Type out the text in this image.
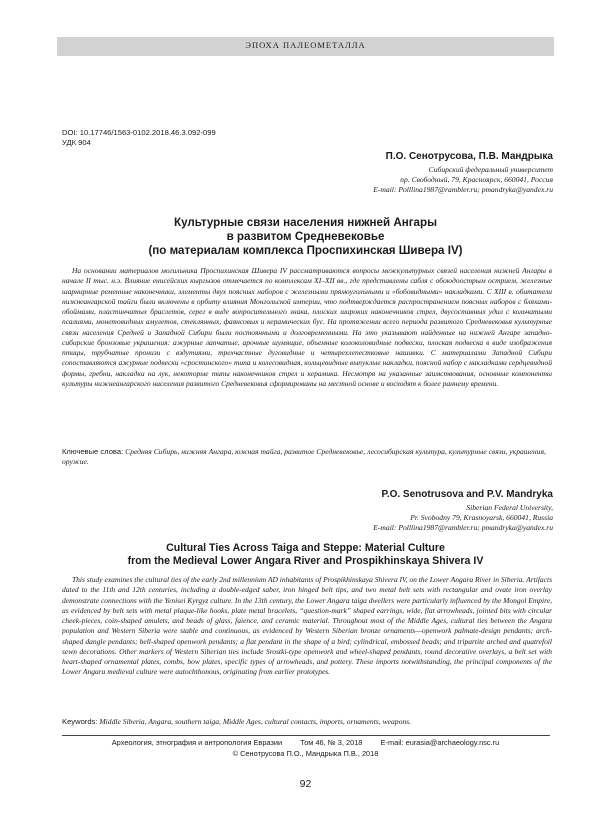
ЭПОХА ПАЛЕОМЕТАЛЛА
DOI: 10.17746/1563-0102.2018.46.3.092-099
УДК 904
П.О. Сенотрусова, П.В. Мандрыка
Сибирский федеральный университет
пр. Свободный, 79, Красноярск, 660041, Россия
E-mail: Polllina1987@rambler.ru; pmandryka@yandex.ru
Культурные связи населения нижней Ангары
в развитом Средневековье
(по материалам комплекса Проспихинская Шивера IV)

На основании материалов могильника Проспихинская Шивера IV рассматриваются вопросы межкультурных связей населения нижней Ангары в начале II тыс. н.э. Влияние енисейских кыргызов отмечается по комплексам XI–XII вв., где представлены сабля с обоюдоострым острием, железные шарнирные ременные наконечники, элементы двух поясных наборов с железными прямоугольными и «бобовидными» накладками. С XIII в. обитатели нижнеангарской тайги были включены в орбиту влияния Монгольской империи, что подтверждается распространением поясных наборов с бляхами-обоймами, пластинчатых браслетов, серег в виде вопросительного знака, плоских широких наконечников стрел, двусоставных удил с кольчатыми псалиями, монетовидных амулетов, стеклянных, фаянсовых и керамических бус. На протяжении всего периода развитого Средневековья культурные связи населения Средней и Западной Сибири были постоянными и долговременными. На это указывают найденные на нижней Ангаре западно-сибирские бронзовые украшения: ажурные лапчатые, арочные шумящие, объемные колоколовидные подвески, плоская подвеска в виде изображения птицы, трубчатые пронизи с вздутиями, трехчастные дуговидные и четырехлепестковые нашивки. С материалами Западной Сибири сопоставляются ажурные подвески «сростинского» типа и колесовидная, кольцевидные выпуклые накладки, поясной набор с накладками сердцевидной формы, гребни, накладки на лук, некоторые типы наконечников стрел и керамика. Несмотря на указанные заимствования, основные компоненты культуры нижнеангарского населения развитого Средневековья сформированы на местной основе и восходят к более раннему времени.

Ключевые слова: Средняя Сибирь, нижняя Ангара, южная тайга, развитое Средневековье, лесосибирская культура, культурные связи, украшения, оружие.

P.O. Senotrusova and P.V. Mandryka
Siberian Federal University,
Pr. Svobodny 79, Krasnoyarsk, 660041, Russia
E-mail: Polllina1987@rambler.ru; pmandryka@yandex.ru
Cultural Ties Across Taiga and Steppe: Material Culture
from the Medieval Lower Angara River and Prospikhinskaya Shivera IV

This study examines the cultural ties of the early 2nd millennium AD inhabitants of Prospikhinskaya Shivera IV, on the Lower Angara River in Siberia. Artifacts dated to the 11th and 12th centuries, including a double-edged saber, iron hinged belt tips, and two metal belt sets with rectangular and ovate iron overlay demonstrate connections with the Yenisei Kyrgyz culture. In the 13th century, the Lower Angara taiga dwellers were particularly influenced by the Mongol Empire, as evidenced by belt sets with metal plaque-like hooks, plate metal bracelets, “question-mark” shaped earrings, wide, flat arrowheads, jointed bits with circular cheek-pieces, coin-shaped amulets, and beads of glass, faience, and ceramic material. Throughout most of the Middle Ages, cultural ties between the Angara population and Western Siberia were stable and continuous, as evidenced by Western Siberian bronze ornaments—openwork palmate-design pendants; arch-shaped dangle pendants; bell-shaped openwork pendants; a flat pendant in the shape of a bird; cylindrical, embossed beads; and tripartite arched and quatrefoil sewn decorations. Other markers of Western Siberian ties include Srostki-type openwork and wheel-shaped pendants, round decorative overlays, a belt set with heart-shaped ornamental plates, combs, bow plates, specific types of arrowheads, and pottery. These imports notwithstanding, the principal components of the Lower Angara medieval culture were autochthonous, originating from earlier prototypes.

Keywords: Middle Siberia, Angara, southern taiga, Middle Ages, cultural contacts, imports, ornaments, weapons.

Археология, этнография и антропология Евразии Том 46, № 3, 2018 E-mail: eurasia@archaeology.nsc.ru
© Сенотрусова П.О., Мандрыка П.В., 2018
92
